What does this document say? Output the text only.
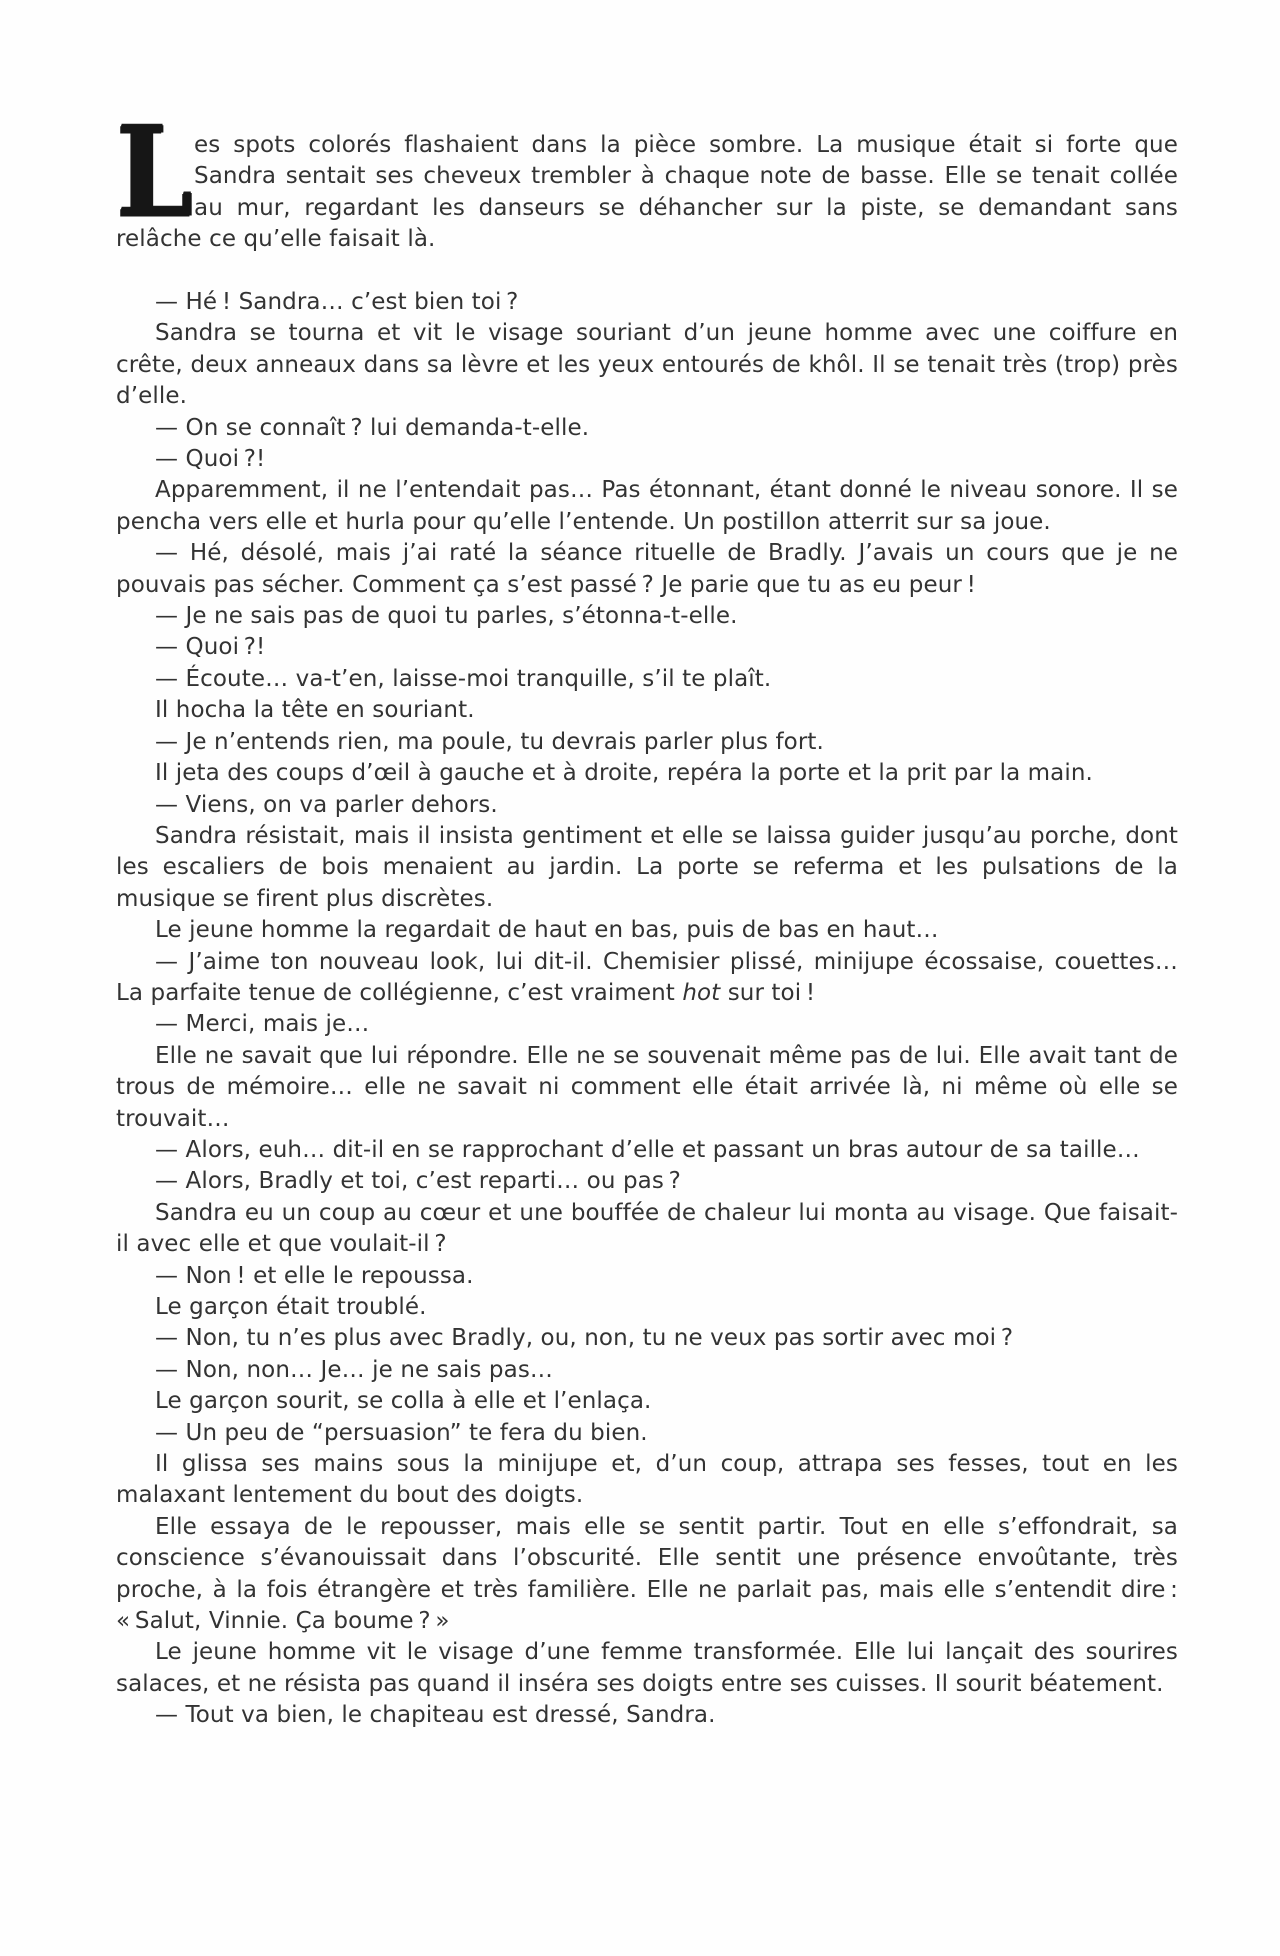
Les spots colorés flashaient dans la pièce sombre. La musique était si forte que Sandra sentait ses cheveux trembler à chaque note de basse. Elle se tenait collée au mur, regardant les danseurs se déhancher sur la piste, se demandant sans relâche ce qu’elle faisait là.

— Hé ! Sandra… c’est bien toi ?

Sandra se tourna et vit le visage souriant d’un jeune homme avec une coiffure en crête, deux anneaux dans sa lèvre et les yeux entourés de khôl. Il se tenait très (trop) près d’elle.

— On se connaît ? lui demanda-t-elle.

— Quoi ?!

Apparemment, il ne l’entendait pas… Pas étonnant, étant donné le niveau sonore. Il se pencha vers elle et hurla pour qu’elle l’entende. Un postillon atterrit sur sa joue.

— Hé, désolé, mais j’ai raté la séance rituelle de Bradly. J’avais un cours que je ne pouvais pas sécher. Comment ça s’est passé ? Je parie que tu as eu peur !

— Je ne sais pas de quoi tu parles, s’étonna-t-elle.

— Quoi ?!

— Écoute… va-t’en, laisse-moi tranquille, s’il te plaît.

Il hocha la tête en souriant.

— Je n’entends rien, ma poule, tu devrais parler plus fort.

Il jeta des coups d’œil à gauche et à droite, repéra la porte et la prit par la main.

— Viens, on va parler dehors.

Sandra résistait, mais il insista gentiment et elle se laissa guider jusqu’au porche, dont les escaliers de bois menaient au jardin. La porte se referma et les pulsations de la musique se firent plus discrètes.

Le jeune homme la regardait de haut en bas, puis de bas en haut…

— J’aime ton nouveau look, lui dit-il. Chemisier plissé, minijupe écossaise, couettes… La parfaite tenue de collégienne, c’est vraiment hot sur toi !

— Merci, mais je…

Elle ne savait que lui répondre. Elle ne se souvenait même pas de lui. Elle avait tant de trous de mémoire… elle ne savait ni comment elle était arrivée là, ni même où elle se trouvait…

— Alors, euh… dit-il en se rapprochant d’elle et passant un bras autour de sa taille…

— Alors, Bradly et toi, c’est reparti… ou pas ?

Sandra eu un coup au cœur et une bouffée de chaleur lui monta au visage. Que faisait-il avec elle et que voulait-il ?

— Non ! et elle le repoussa.

Le garçon était troublé.

— Non, tu n’es plus avec Bradly, ou, non, tu ne veux pas sortir avec moi ?

— Non, non… Je… je ne sais pas…

Le garçon sourit, se colla à elle et l’enlaça.

— Un peu de “persuasion” te fera du bien.

Il glissa ses mains sous la minijupe et, d’un coup, attrapa ses fesses, tout en les malaxant lentement du bout des doigts.

Elle essaya de le repousser, mais elle se sentit partir. Tout en elle s’effondrait, sa conscience s’évanouissait dans l’obscurité. Elle sentit une présence envoûtante, très proche, à la fois étrangère et très familière. Elle ne parlait pas, mais elle s’entendit dire : « Salut, Vinnie. Ça boume ? »

Le jeune homme vit le visage d’une femme transformée. Elle lui lançait des sourires salaces, et ne résista pas quand il inséra ses doigts entre ses cuisses. Il sourit béatement.

— Tout va bien, le chapiteau est dressé, Sandra.
